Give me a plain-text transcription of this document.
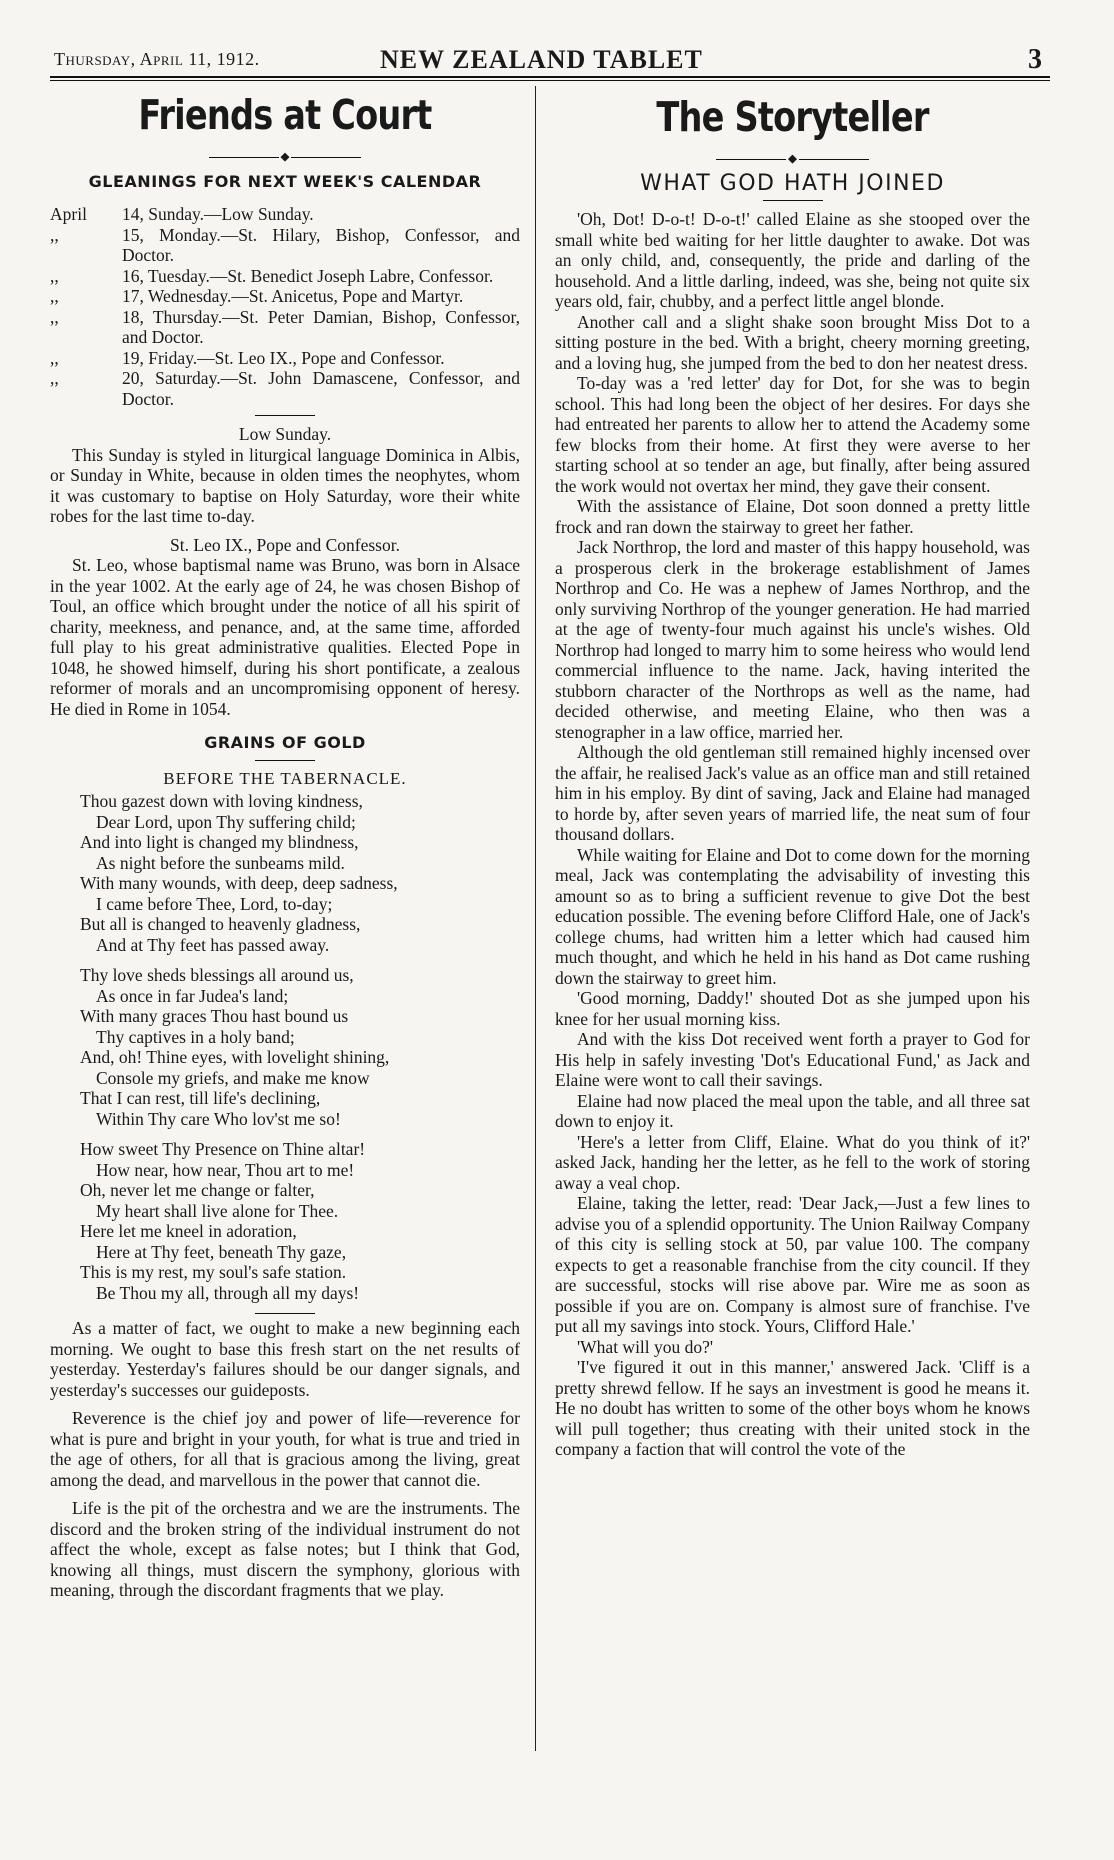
Thursday, April 11, 1912.	NEW ZEALAND TABLET	3
Friends at Court
◆
GLEANINGS FOR NEXT WEEK'S CALENDAR
April	14, Sunday.—Low Sunday.
,,	15, Monday.—St. Hilary, Bishop, Confessor, and Doctor.
,,	16, Tuesday.—St. Benedict Joseph Labre, Confessor.
,,	17, Wednesday.—St. Anicetus, Pope and Martyr.
,,	18, Thursday.—St. Peter Damian, Bishop, Confessor, and Doctor.
,,	19, Friday.—St. Leo IX., Pope and Confessor.
,,	20, Saturday.—St. John Damascene, Confessor, and Doctor.
Low Sunday.

This Sunday is styled in liturgical language Dominica in Albis, or Sunday in White, because in olden times the neophytes, whom it was customary to baptise on Holy Saturday, wore their white robes for the last time to-day.

St. Leo IX., Pope and Confessor.

St. Leo, whose baptismal name was Bruno, was born in Alsace in the year 1002. At the early age of 24, he was chosen Bishop of Toul, an office which brought under the notice of all his spirit of charity, meekness, and penance, and, at the same time, afforded full play to his great administrative qualities. Elected Pope in 1048, he showed himself, during his short pontificate, a zealous reformer of morals and an uncompromising opponent of heresy. He died in Rome in 1054.

GRAINS OF GOLD
BEFORE THE TABERNACLE.
Thou gazest down with loving kindness,
Dear Lord, upon Thy suffering child;
And into light is changed my blindness,
As night before the sunbeams mild.
With many wounds, with deep, deep sadness,
I came before Thee, Lord, to-day;
But all is changed to heavenly gladness,
And at Thy feet has passed away.
Thy love sheds blessings all around us,
As once in far Judea's land;
With many graces Thou hast bound us
Thy captives in a holy band;
And, oh! Thine eyes, with lovelight shining,
Console my griefs, and make me know
That I can rest, till life's declining,
Within Thy care Who lov'st me so!
How sweet Thy Presence on Thine altar!
How near, how near, Thou art to me!
Oh, never let me change or falter,
My heart shall live alone for Thee.
Here let me kneel in adoration,
Here at Thy feet, beneath Thy gaze,
This is my rest, my soul's safe station.
Be Thou my all, through all my days!

As a matter of fact, we ought to make a new beginning each morning. We ought to base this fresh start on the net results of yesterday. Yesterday's failures should be our danger signals, and yesterday's successes our guideposts.

Reverence is the chief joy and power of life—reverence for what is pure and bright in your youth, for what is true and tried in the age of others, for all that is gracious among the living, great among the dead, and marvellous in the power that cannot die.

Life is the pit of the orchestra and we are the instruments. The discord and the broken string of the individual instrument do not affect the whole, except as false notes; but I think that God, knowing all things, must discern the symphony, glorious with meaning, through the discordant fragments that we play.

The Storyteller
◆
WHAT GOD HATH JOINED

'Oh, Dot! D-o-t! D-o-t!' called Elaine as she stooped over the small white bed waiting for her little daughter to awake. Dot was an only child, and, consequently, the pride and darling of the household. And a little darling, indeed, was she, being not quite six years old, fair, chubby, and a perfect little angel blonde.

Another call and a slight shake soon brought Miss Dot to a sitting posture in the bed. With a bright, cheery morning greeting, and a loving hug, she jumped from the bed to don her neatest dress.

To-day was a 'red letter' day for Dot, for she was to begin school. This had long been the object of her desires. For days she had entreated her parents to allow her to attend the Academy some few blocks from their home. At first they were averse to her starting school at so tender an age, but finally, after being assured the work would not overtax her mind, they gave their consent.

With the assistance of Elaine, Dot soon donned a pretty little frock and ran down the stairway to greet her father.

Jack Northrop, the lord and master of this happy household, was a prosperous clerk in the brokerage establishment of James Northrop and Co. He was a nephew of James Northrop, and the only surviving Northrop of the younger generation. He had married at the age of twenty-four much against his uncle's wishes. Old Northrop had longed to marry him to some heiress who would lend commercial influence to the name. Jack, having interited the stubborn character of the Northrops as well as the name, had decided otherwise, and meeting Elaine, who then was a stenographer in a law office, married her.

Although the old gentleman still remained highly incensed over the affair, he realised Jack's value as an office man and still retained him in his employ. By dint of saving, Jack and Elaine had managed to horde by, after seven years of married life, the neat sum of four thousand dollars.

While waiting for Elaine and Dot to come down for the morning meal, Jack was contemplating the advisability of investing this amount so as to bring a sufficient revenue to give Dot the best education possible. The evening before Clifford Hale, one of Jack's college chums, had written him a letter which had caused him much thought, and which he held in his hand as Dot came rushing down the stairway to greet him.

'Good morning, Daddy!' shouted Dot as she jumped upon his knee for her usual morning kiss.

And with the kiss Dot received went forth a prayer to God for His help in safely investing 'Dot's Educational Fund,' as Jack and Elaine were wont to call their savings.

Elaine had now placed the meal upon the table, and all three sat down to enjoy it.

'Here's a letter from Cliff, Elaine. What do you think of it?' asked Jack, handing her the letter, as he fell to the work of storing away a veal chop.

Elaine, taking the letter, read: 'Dear Jack,—Just a few lines to advise you of a splendid opportunity. The Union Railway Company of this city is selling stock at 50, par value 100. The company expects to get a reasonable franchise from the city council. If they are successful, stocks will rise above par. Wire me as soon as possible if you are on. Company is almost sure of franchise. I've put all my savings into stock. Yours, Clifford Hale.'

'What will you do?'

'I've figured it out in this manner,' answered Jack. 'Cliff is a pretty shrewd fellow. If he says an investment is good he means it. He no doubt has written to some of the other boys whom he knows will pull together; thus creating with their united stock in the company a faction that will control the vote of the
